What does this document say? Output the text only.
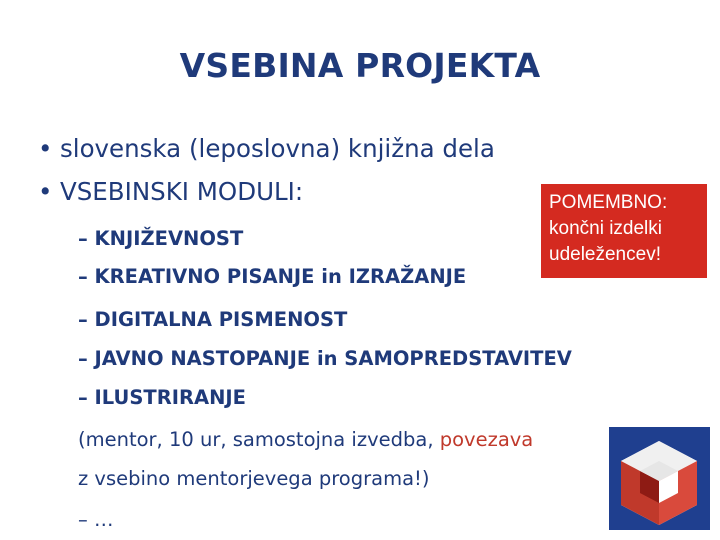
VSEBINA PROJEKTA
• slovenska (leposlovna) knjižna dela
• VSEBINSKI MODULI:
– KNJIŽEVNOST
– KREATIVNO PISANJE in IZRAŽANJE
– DIGITALNA PISMENOST
– JAVNO NASTOPANJE in SAMOPREDSTAVITEV
– ILUSTRIRANJE
(mentor, 10 ur, samostojna izvedba, povezava
z vsebino mentorjevega programa!)
– …
POMEMBNO:
končni izdelki
udeležencev!
